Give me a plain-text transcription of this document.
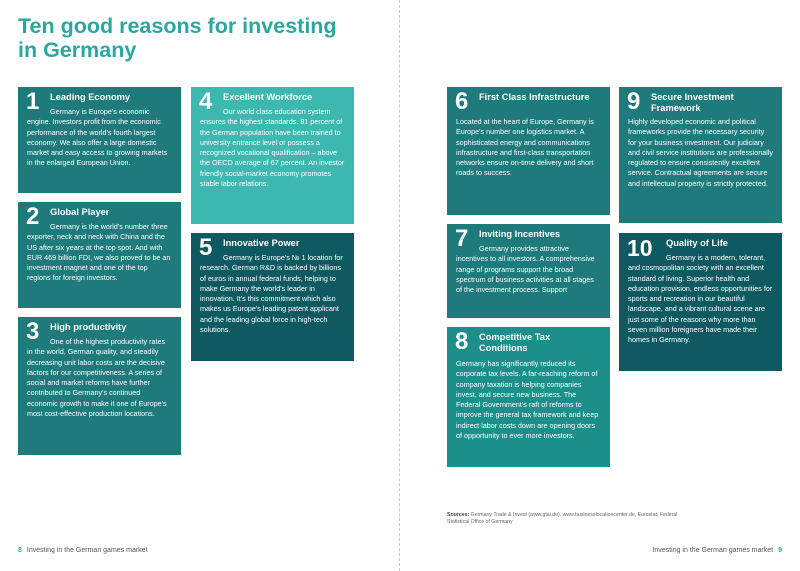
Ten good reasons for investing in Germany
1 Leading Economy
Germany is Europe's economic engine. Investors profit from the economic performance of the world's fourth largest economy. We also offer a large domestic market and easy access to growing markets in the enlarged European Union.
2 Global Player
Germany is the world's number three exporter, neck and neck with China and the US after six years at the top spot. And with EUR 469 billion FDI, we also proved to be an investment magnet and one of the top regions for foreign investors.
3 High productivity
One of the highest productivity rates in the world, German quality, and steadily decreasing unit labor costs are the decisive factors for our competitiveness. A series of social and market reforms have further contributed to Germany's continued economic growth to make it one of Europe's most cost-effective production locations.
4 Excellent Workforce
Our world class education system ensures the highest standards. 81 percent of the German population have been trained to university entrance level or possess a recognized vocational qualification – above the OECD average of 67 percent. An investor friendly social-market economy promotes stable labor relations.
5 Innovative Power
Germany is Europe's № 1 location for research. German R&D is backed by billions of euros in annual federal funds, helping to make Germany the world's leader in innovation. It's this commitment which also makes us Europe's leading patent applicant and the leading global force in high-tech solutions.
6 First Class Infrastructure
Located at the heart of Europe, Germany is Europe's number one logistics market. A sophisticated energy and communications infrastructure and first-class transportation networks ensure on-time delivery and short roads to success.
7 Inviting Incentives
Germany provides attractive incentives to all investors. A comprehensive range of programs support the broad spectrum of business activities at all stages of the investment process. Support
8 Competitive Tax Conditions
Germany has significantly reduced its corporate tax levels. A far-reaching reform of company taxation is helping companies invest, and secure new business. The Federal Government's raft of reforms to improve the general tax framework and keep indirect labor costs down are opening doors of opportunity to ever more investors.
9 Secure Investment Framework
Highly developed economic and political frameworks provide the necessary security for your business investment. Our judiciary and civil service institutions are professionally regulated to ensure consistently excellent service. Contractual agreements are secure and intellectual property is strictly protected.
10 Quality of Life
Germany is a modern, tolerant, and cosmopolitan society with an excellent standard of living. Superior health and education provision, endless opportunities for sports and recreation in our beautiful landscape, and a vibrant cultural scene are just some of the reasons why more than seven million foreigners have made their homes in Germany.
Sources: Germany Trade & Invest (www.gtai.de), www.businesslocationcenter.de, Eurostat, Federal Statistical Office of Germany
8 Investing in the German games market	Investing in the German games market 9
